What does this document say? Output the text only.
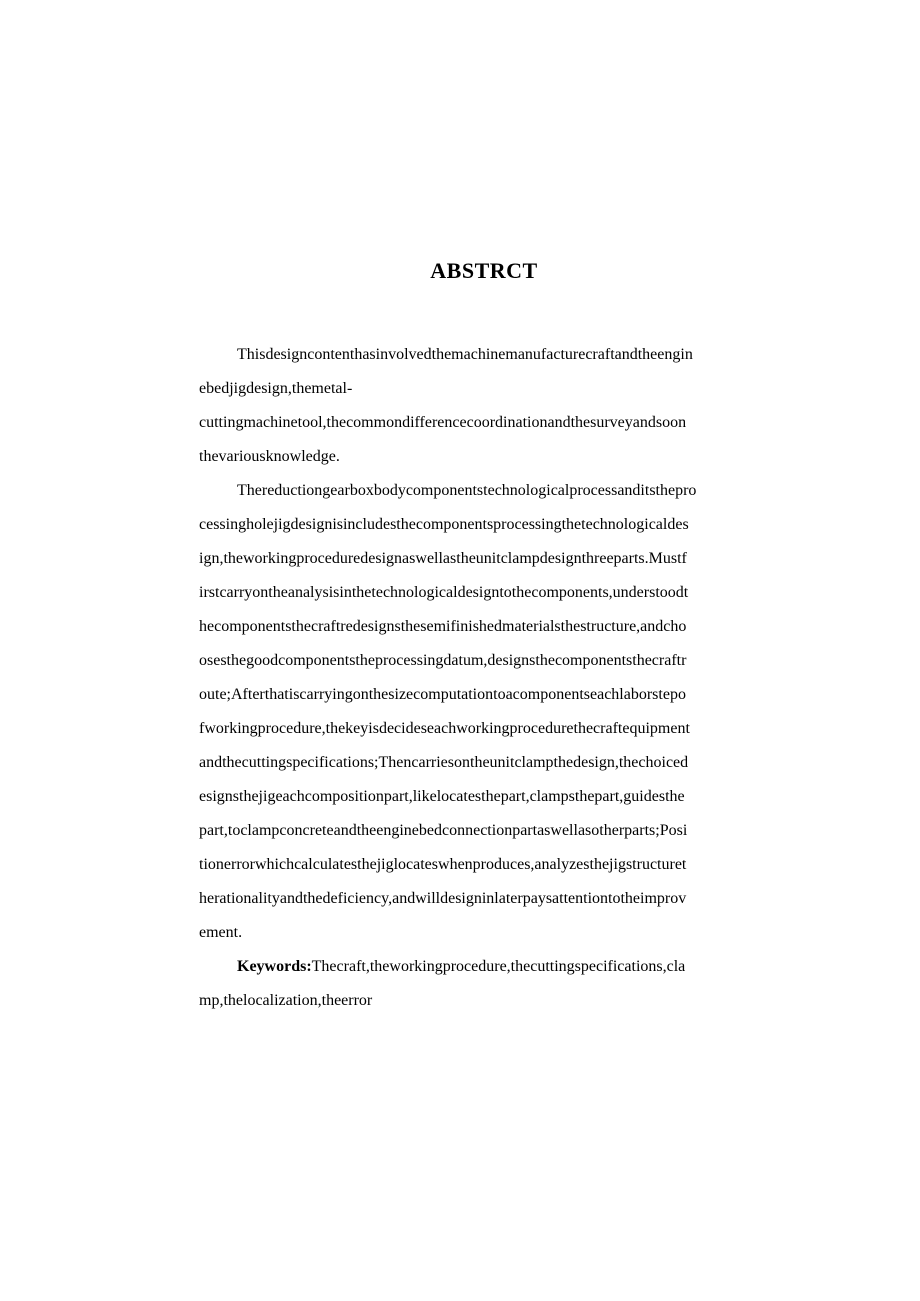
ABSTRCT
Thisdesigncontenthasinvolvedthemachinemanufacturecraftandtheengin
ebedjigdesign,themetal-
cuttingmachinetool,thecommondifferencecoordinationandthesurveyandsoon
thevariousknowledge.
Thereductiongearboxbodycomponentstechnologicalprocessanditsthepro
cessingholejigdesignisincludesthecomponentsprocessingthetechnologicaldes
ign,theworkingproceduredesignaswellastheunitclampdesignthreeparts.Mustf
irstcarryontheanalysisinthetechnologicaldesigntothecomponents,understoodt
hecomponentsthecraftredesignsthesemifinishedmaterialsthestructure,andcho
osesthegoodcomponentstheprocessingdatum,designsthecomponentsthecraftr
oute;Afterthatiscarryingonthesizecomputationtoacomponentseachlaborstepo
fworkingprocedure,thekeyisdecideseachworkingprocedurethecraftequipment
andthecuttingspecifications;Thencarriesontheunitclampthedesign,thechoiced
esignsthejigeachcompositionpart,likelocatesthepart,clampsthepart,guidesthe
part,toclampconcreteandtheenginebedconnectionpartaswellasotherparts;Posi
tionerrorwhichcalculatesthejiglocateswhenproduces,analyzesthejigstructuret
herationalityandthedeficiency,andwilldesigninlaterpaysattentiontotheimprov
ement.
Keywords:Thecraft,theworkingprocedure,thecuttingspecifications,cla
mp,thelocalization,theerror
